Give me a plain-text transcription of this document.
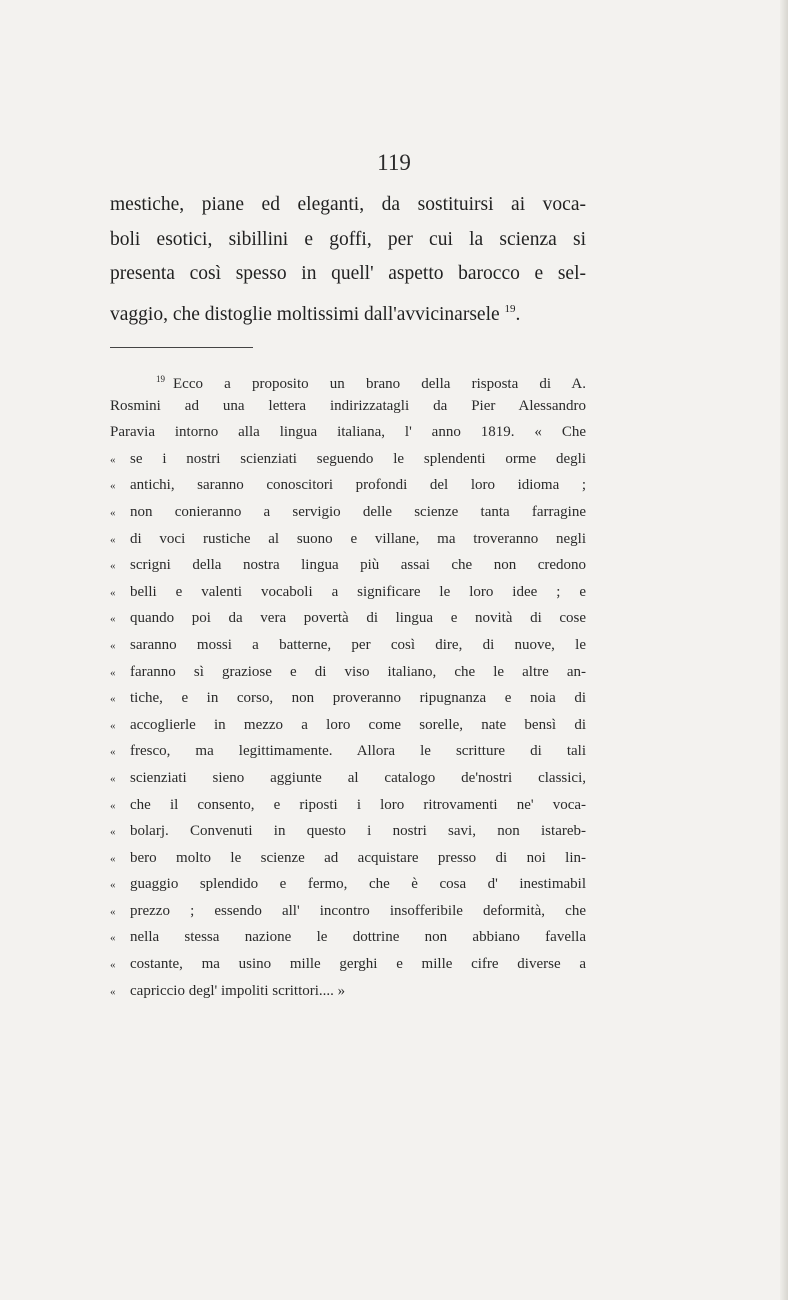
119
mestiche, piane ed eleganti, da sostituirsi ai voca-
boli esotici, sibillini e goffi, per cui la scienza si
presenta così spesso in quell' aspetto barocco e sel-
vaggio, che distoglie moltissimi dall'avvicinarsele $^{19}$.
$^{19}$ Ecco a proposito un brano della risposta di A.
Rosmini ad una lettera indirizzatagli da Pier Alessandro
Paravia intorno alla lingua italiana, l' anno 1819. « Che
« se i nostri scienziati seguendo le splendenti orme degli
« antichi, saranno conoscitori profondi del loro idioma ;
« non conieranno a servigio delle scienze tanta farragine
« di voci rustiche al suono e villane, ma troveranno negli
« scrigni della nostra lingua più assai che non credono
« belli e valenti vocaboli a significare le loro idee ; e
« quando poi da vera povertà di lingua e novità di cose
« saranno mossi a batterne, per così dire, di nuove, le
« faranno sì graziose e di viso italiano, che le altre an-
« tiche, e in corso, non proveranno ripugnanza e noia di
« accoglierle in mezzo a loro come sorelle, nate bensì di
« fresco, ma legittimamente. Allora le scritture di tali
« scienziati sieno aggiunte al catalogo de'nostri classici,
« che il consento, e riposti i loro ritrovamenti ne' voca-
« bolarj. Convenuti in questo i nostri savi, non istareb-
« bero molto le scienze ad acquistare presso di noi lin-
« guaggio splendido e fermo, che è cosa d' inestimabil
« prezzo ; essendo all' incontro insofferibile deformità, che
« nella stessa nazione le dottrine non abbiano favella
« costante, ma usino mille gerghi e mille cifre diverse a
« capriccio degl' impoliti scrittori.... »
